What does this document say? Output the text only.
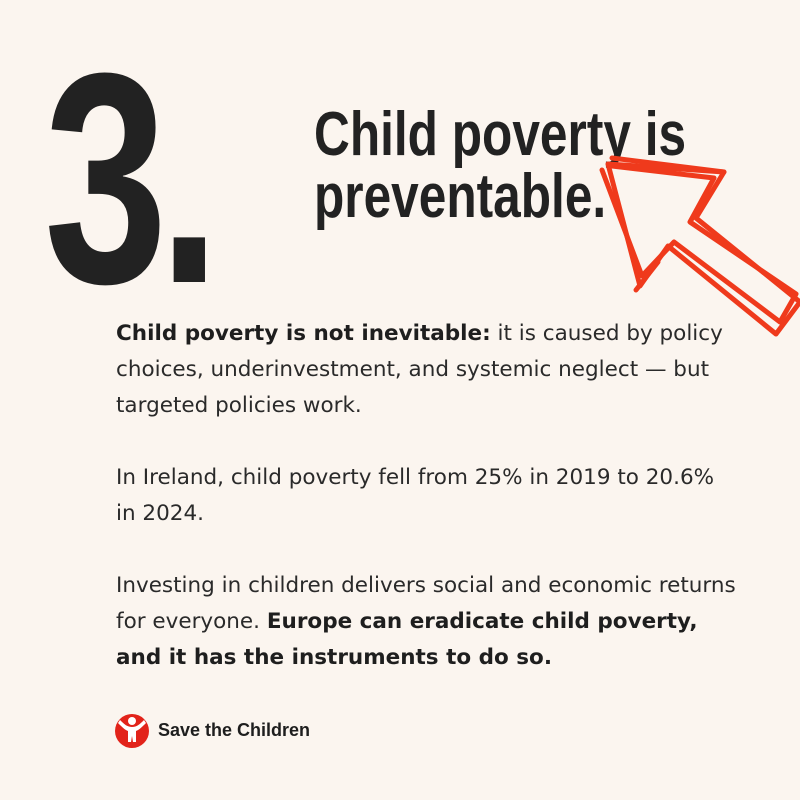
3. Child poverty is
preventable.

Child poverty is not inevitable: it is caused by policy choices, underinvestment, and systemic neglect — but targeted policies work.

In Ireland, child poverty fell from 25% in 2019 to 20.6% in 2024.

Investing in children delivers social and economic returns for everyone. Europe can eradicate child poverty, and it has the instruments to do so.

Save the Children
